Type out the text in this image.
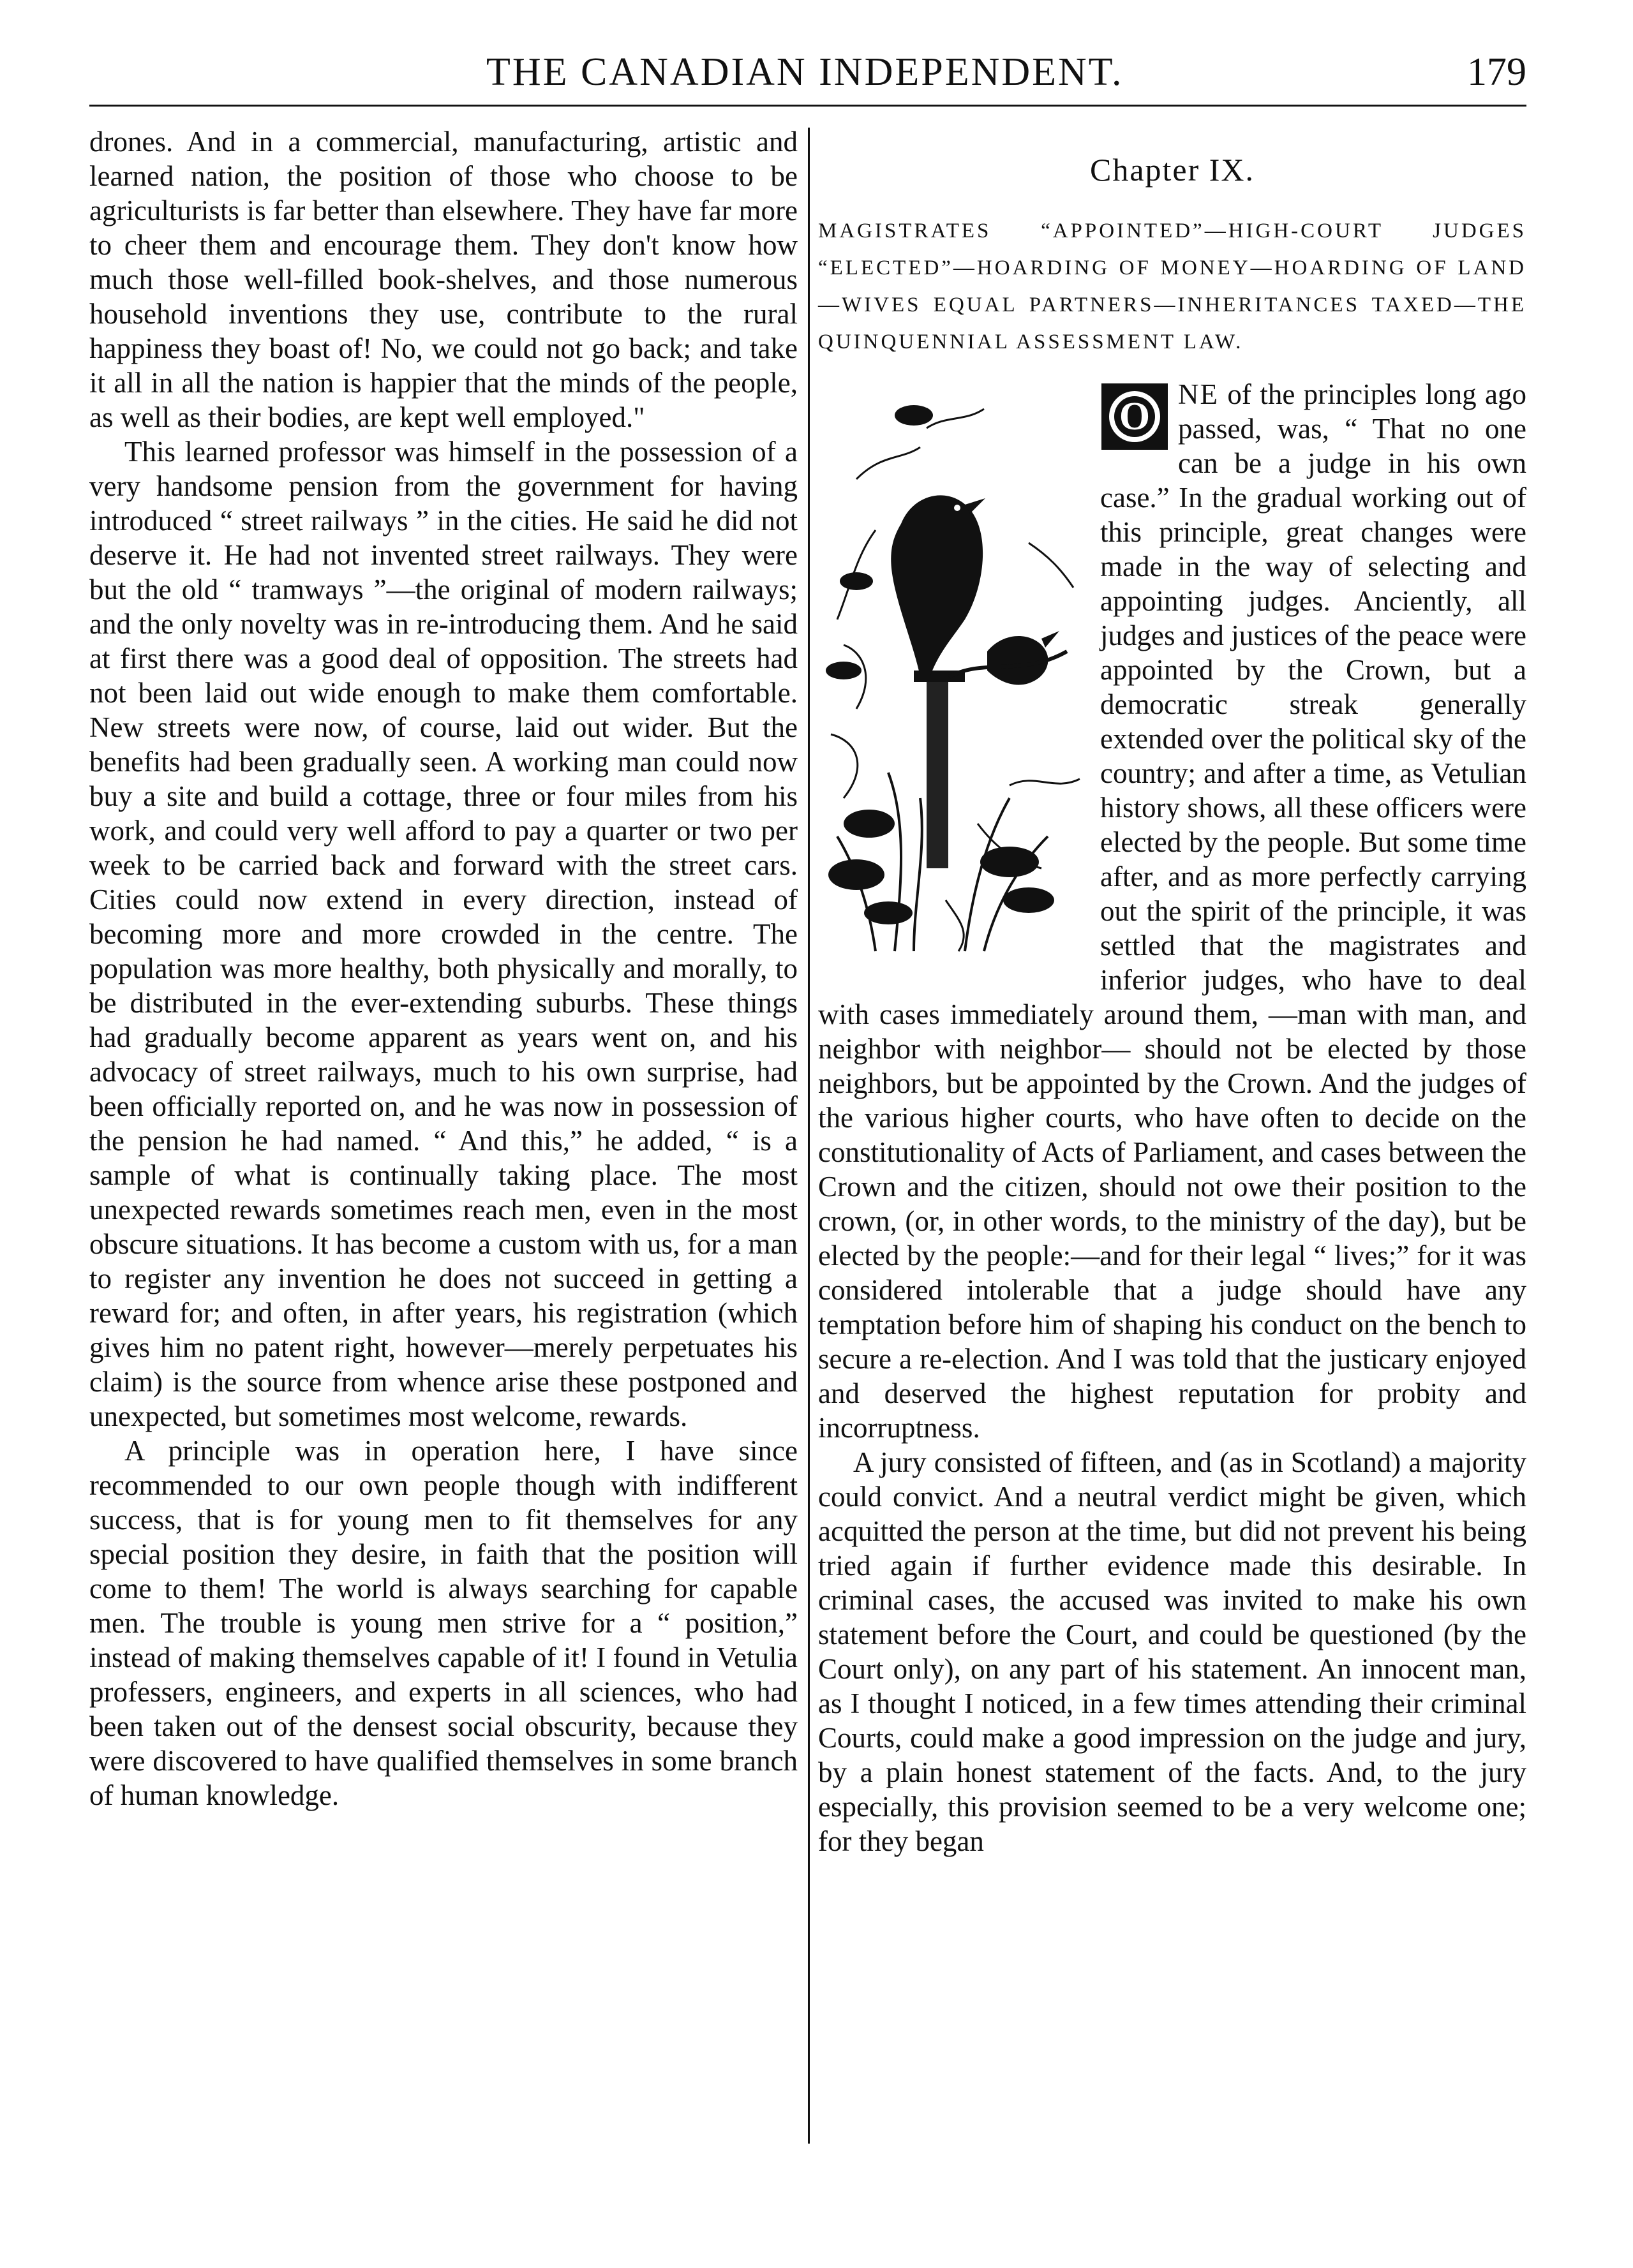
THE CANADIAN INDEPENDENT.	179

drones. And in a commercial, manufacturing, artistic and learned nation, the position of those who choose to be agriculturists is far better than elsewhere. They have far more to cheer them and encourage them. They don't know how much those well-filled book-shelves, and those numerous household inventions they use, contribute to the rural happiness they boast of! No, we could not go back; and take it all in all the nation is happier that the minds of the people, as well as their bodies, are kept well employed."

This learned professor was himself in the possession of a very handsome pension from the government for having introduced “ street railways ” in the cities. He said he did not deserve it. He had not invented street railways. They were but the old “ tramways ”—the original of modern railways; and the only novelty was in re-introducing them. And he said at first there was a good deal of opposition. The streets had not been laid out wide enough to make them comfortable. New streets were now, of course, laid out wider. But the benefits had been gradually seen. A working man could now buy a site and build a cottage, three or four miles from his work, and could very well afford to pay a quarter or two per week to be carried back and forward with the street cars. Cities could now extend in every direction, instead of becoming more and more crowded in the centre. The population was more healthy, both physically and morally, to be distributed in the ever-extending suburbs. These things had gradually become apparent as years went on, and his advocacy of street railways, much to his own surprise, had been officially reported on, and he was now in possession of the pension he had named. “ And this,” he added, “ is a sample of what is continually taking place. The most unexpected rewards sometimes reach men, even in the most obscure situations. It has become a custom with us, for a man to register any invention he does not succeed in getting a reward for; and often, in after years, his registration (which gives him no patent right, however—merely perpetuates his claim) is the source from whence arise these postponed and unexpected, but sometimes most welcome, rewards.

A principle was in operation here, I have since recommended to our own people though with indifferent success, that is for young men to fit themselves for any special position they desire, in faith that the position will come to them! The world is always searching for capable men. The trouble is young men strive for a “ position,” instead of making themselves capable of it! I found in Vetulia professers, engineers, and experts in all sciences, who had been taken out of the densest social obscurity, because they were discovered to have qualified themselves in some branch of human knowledge.

Chapter IX.
MAGISTRATES “APPOINTED”—HIGH-COURT JUDGES “ELECTED”—HOARDING OF MONEY—HOARDING OF LAND—WIVES EQUAL PARTNERS—INHERITANCES TAXED—THE QUINQUENNIAL ASSESSMENT LAW.
O

NE of the principles long ago passed, was, “ That no one can be a judge in his own case.” In the gradual working out of this principle, great changes were made in the way of selecting and appointing judges. Anciently, all judges and justices of the peace were appointed by the Crown, but a democratic streak generally extended over the political sky of the country; and after a time, as Vetulian history shows, all these officers were elected by the people. But some time after, and as more perfectly carrying out the spirit of the principle, it was settled that the magistrates and inferior judges, who have to deal with cases immediately around them, —man with man, and neighbor with neighbor— should not be elected by those neighbors, but be appointed by the Crown. And the judges of the various higher courts, who have often to decide on the constitutionality of Acts of Parliament, and cases between the Crown and the citizen, should not owe their position to the crown, (or, in other words, to the ministry of the day), but be elected by the people:—and for their legal “ lives;” for it was considered intolerable that a judge should have any temptation before him of shaping his conduct on the bench to secure a re-election. And I was told that the justicary enjoyed and deserved the highest reputation for probity and incorruptness.

A jury consisted of fifteen, and (as in Scotland) a majority could convict. And a neutral verdict might be given, which acquitted the person at the time, but did not prevent his being tried again if further evidence made this desirable. In criminal cases, the accused was invited to make his own statement before the Court, and could be questioned (by the Court only), on any part of his statement. An innocent man, as I thought I noticed, in a few times attending their criminal Courts, could make a good impression on the judge and jury, by a plain honest statement of the facts. And, to the jury especially, this provision seemed to be a very welcome one; for they began
